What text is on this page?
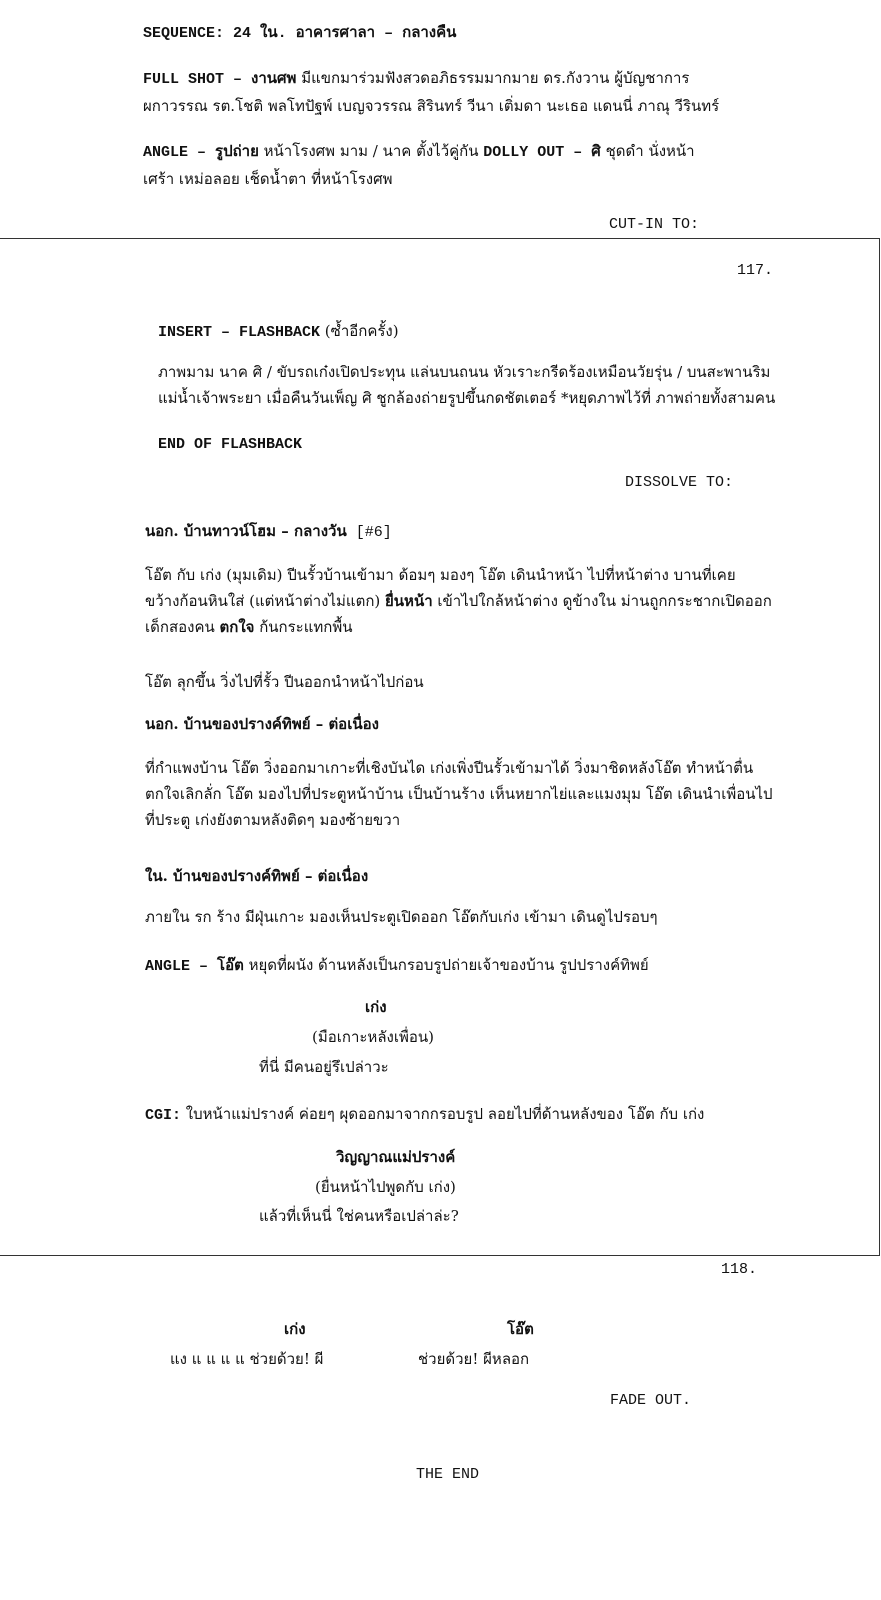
SEQUENCE: 24 ใน. อาคารศาลา – กลางคืน
FULL SHOT – งานศพ มีแขกมาร่วมฟังสวดอภิธรรมมากมาย ดร.กังวาน ผู้บัญชาการ
ผกาวรรณ รต.โชติ พลโทปัฐพ์ เบญจวรรณ สิรินทร์ วีนา เติ่มดา นะเธอ แดนนี่ ภาณุ วีรินทร์
ANGLE – รูปถ่าย หน้าโรงศพ มาม / นาค ตั้งไว้คู่กัน DOLLY OUT – ศิ ชุดดำ นั่งหน้า
เศร้า เหม่อลอย เช็ดน้ำตา ที่หน้าโรงศพ
CUT-IN TO:
117.
INSERT – FLASHBACK (ซ้ำอีกครั้ง)
ภาพมาม นาค ศิ / ขับรถเก๋งเปิดประทุน แล่นบนถนน หัวเราะกรีดร้องเหมือนวัยรุ่น / บนสะพานริม
แม่น้ำเจ้าพระยา เมื่อคืนวันเพ็ญ ศิ ชูกล้องถ่ายรูปขึ้นกดชัตเตอร์ *หยุดภาพไว้ที่ ภาพถ่ายทั้งสามคน
END OF FLASHBACK
DISSOLVE TO:
นอก. บ้านทาวน์โฮม – กลางวัน [#6]
โอ๊ต กับ เก่ง (มุมเดิม) ปีนรั้วบ้านเข้ามา ด้อมๆ มองๆ โอ๊ต เดินนำหน้า ไปที่หน้าต่าง บานที่เคย
ขว้างก้อนหินใส่ (แต่หน้าต่างไม่แตก) ยื่นหน้า เข้าไปใกล้หน้าต่าง ดูข้างใน ม่านถูกกระชากเปิดออก
เด็กสองคน ตกใจ ก้นกระแทกพื้น
โอ๊ต ลุกขึ้น วิ่งไปที่รั้ว ปีนออกนำหน้าไปก่อน
นอก. บ้านของปรางค์ทิพย์ – ต่อเนื่อง
ที่กำแพงบ้าน โอ๊ต วิ่งออกมาเกาะที่เชิงบันได เก่งเพิ่งปีนรั้วเข้ามาได้ วิ่งมาชิดหลังโอ๊ต ทำหน้าตื่น
ตกใจเลิกลั่ก โอ๊ต มองไปที่ประตูหน้าบ้าน เป็นบ้านร้าง เห็นหยากไย่และแมงมุม โอ๊ต เดินนำเพื่อนไป
ที่ประตู เก่งยังตามหลังติดๆ มองซ้ายขวา
ใน. บ้านของปรางค์ทิพย์ – ต่อเนื่อง
ภายใน รก ร้าง มีฝุ่นเกาะ มองเห็นประตูเปิดออก โอ๊ตกับเก่ง เข้ามา เดินดูไปรอบๆ
ANGLE – โอ๊ต หยุดที่ผนัง ด้านหลังเป็นกรอบรูปถ่ายเจ้าของบ้าน รูปปรางค์ทิพย์
เก่ง
(มือเกาะหลังเพื่อน)
ที่นี่ มีคนอยู่รึเปล่าวะ
CGI: ใบหน้าแม่ปรางค์ ค่อยๆ ผุดออกมาจากกรอบรูป ลอยไปที่ด้านหลังของ โอ๊ต กับ เก่ง
วิญญาณแม่ปรางค์
(ยื่นหน้าไปพูดกับ เก่ง)
แล้วที่เห็นนี่ ใช่คนหรือเปล่าล่ะ?
118.
เก่ง
แง แ แ แ แ ช่วยด้วย! ผี
โอ๊ต
ช่วยด้วย! ผีหลอก
FADE OUT.
THE END
